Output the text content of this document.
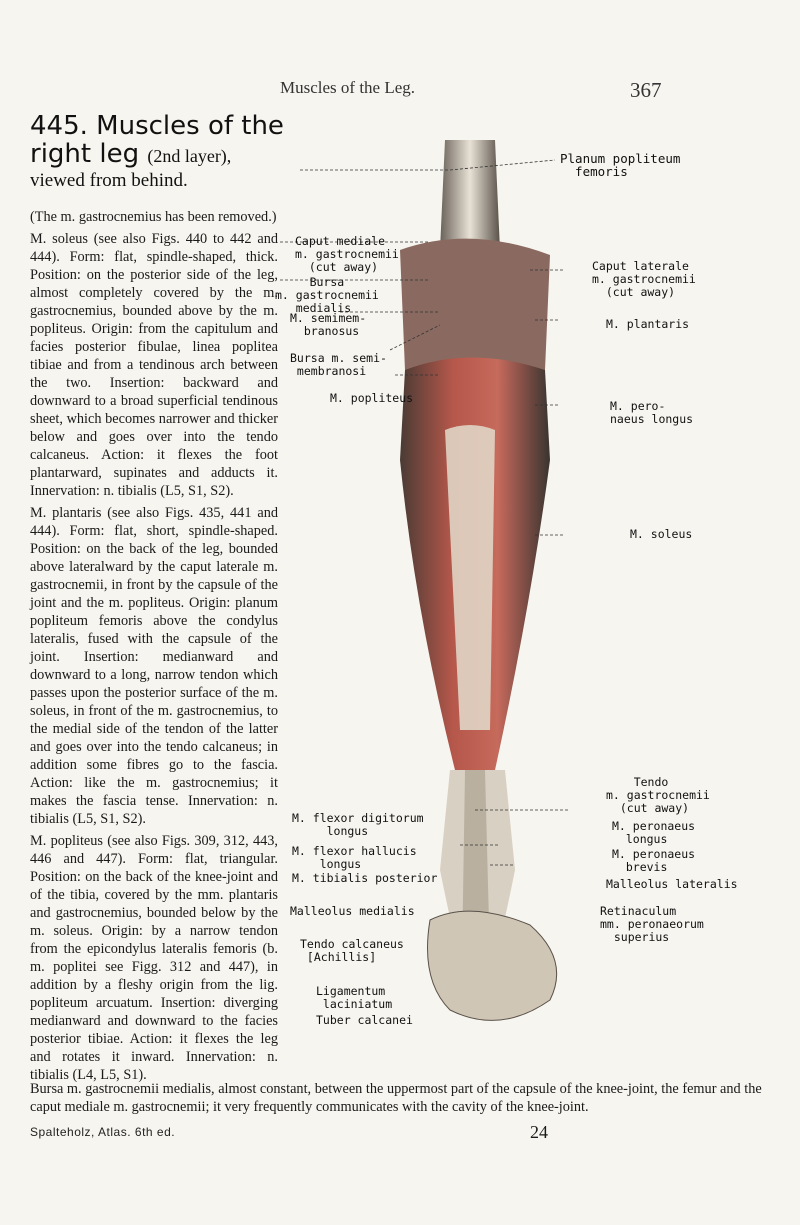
Muscles of the Leg.	367
445. Muscles of the right leg (2nd layer),
viewed from behind.

(The m. gastrocnemius has been removed.)

M. soleus (see also Figs. 440 to 442 and 444). Form: flat, spindle-shaped, thick. Position: on the posterior side of the leg, almost completely covered by the m. gastrocnemius, bounded above by the m. popliteus. Origin: from the capitulum and facies posterior fibulae, linea poplitea tibiae and from a tendinous arch between the two. Insertion: backward and downward to a broad superficial tendinous sheet, which becomes narrower and thicker below and goes over into the tendo calcaneus. Action: it flexes the foot plantarward, supinates and adducts it. Innervation: n. tibialis (L5, S1, S2).

M. plantaris (see also Figs. 435, 441 and 444). Form: flat, short, spindle-shaped. Position: on the back of the leg, bounded above lateralward by the caput laterale m. gastrocnemii, in front by the capsule of the joint and the m. popliteus. Origin: planum popliteum femoris above the condylus lateralis, fused with the capsule of the joint. Insertion: medianward and downward to a long, narrow tendon which passes upon the posterior surface of the m. soleus, in front of the m. gastrocnemius, to the medial side of the tendon of the latter and goes over into the tendo calcaneus; in addition some fibres go to the fascia. Action: like the m. gastrocnemius; it makes the fascia tense. Innervation: n. tibialis (L5, S1, S2).

M. popliteus (see also Figs. 309, 312, 443, 446 and 447). Form: flat, triangular. Position: on the back of the knee-joint and of the tibia, covered by the mm. plantaris and gastrocnemius, bounded below by the m. soleus. Origin: by a narrow tendon from the epicondylus lateralis femoris (b. m. poplitei see Figg. 312 and 447), in addition by a fleshy origin from the lig. popliteum arcuatum. Insertion: diverging medianward and downward to the facies posterior tibiae. Action: it flexes the leg and rotates it inward. Innervation: n. tibialis (L4, L5, S1).

Planum popliteum
femoris
Caput mediale
m. gastrocnemii
(cut away)
Bursa
m. gastrocnemii
medialis
M. semimem-
branosus
Bursa m. semi-
membranosi
M. popliteus
Caput laterale
m. gastrocnemii
(cut away)
M. plantaris
M. pero-
naeus longus
M. soleus
Tendo
m. gastrocnemii
(cut away)
M. peronaeus
longus
M. peronaeus
brevis
Malleolus lateralis
Retinaculum
mm. peronaeorum
superius
M. flexor digitorum
longus
M. flexor hallucis
longus
M. tibialis posterior
Malleolus medialis
Tendo calcaneus
[Achillis]
Ligamentum
laciniatum
Tuber calcanei
Bursa m. gastrocnemii medialis, almost constant, between the uppermost part of the capsule of the knee-joint, the femur and the caput mediale m. gastrocnemii; it very frequently communicates with the cavity of the knee-joint.
Spalteholz, Atlas. 6th ed.	24
